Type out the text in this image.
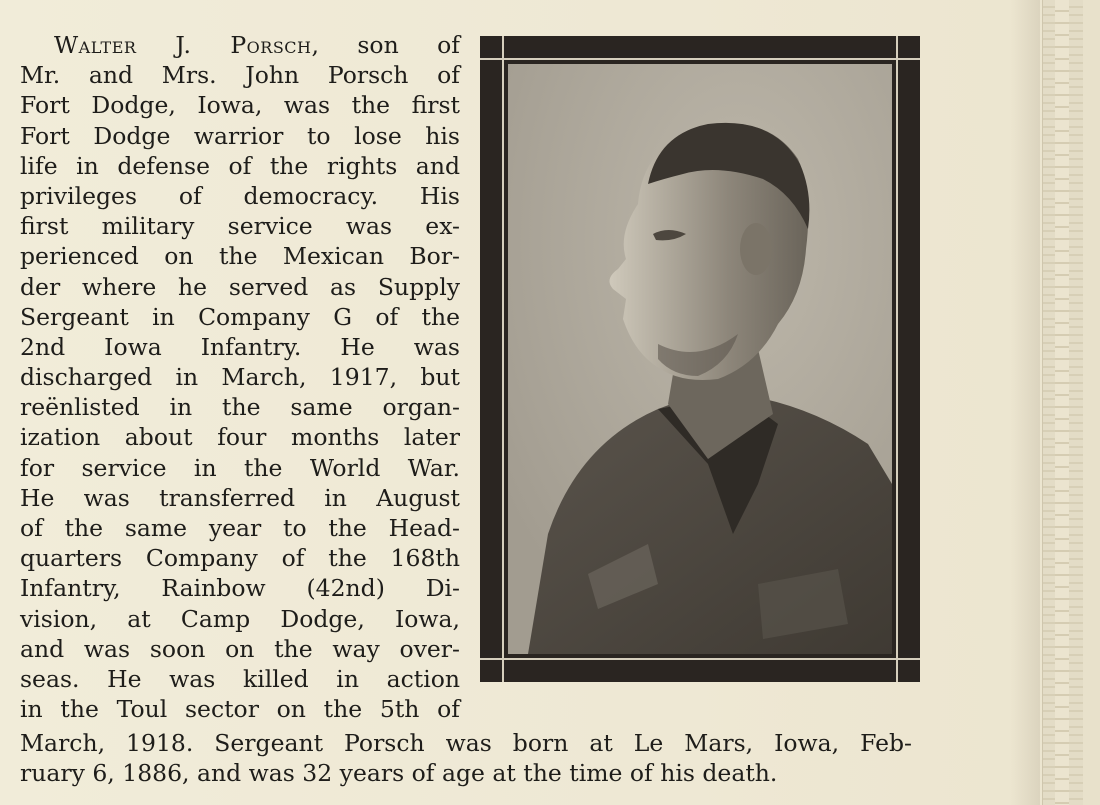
Walter J. Porsch, son of
Mr. and Mrs. John Porsch of
Fort Dodge, Iowa, was the first
Fort Dodge warrior to lose his
life in defense of the rights and
privileges of democracy. His
first military service was ex-
perienced on the Mexican Bor-
der where he served as Supply
Sergeant in Company G of the
2nd Iowa Infantry. He was
discharged in March, 1917, but
reënlisted in the same organ-
ization about four months later
for service in the World War.
He was transferred in August
of the same year to the Head-
quarters Company of the 168th
Infantry, Rainbow (42nd) Di-
vision, at Camp Dodge, Iowa,
and was soon on the way over-
seas. He was killed in action
in the Toul sector on the 5th of
March, 1918. Sergeant Porsch was born at Le Mars, Iowa, Feb-
ruary 6, 1886, and was 32 years of age at the time of his death.
